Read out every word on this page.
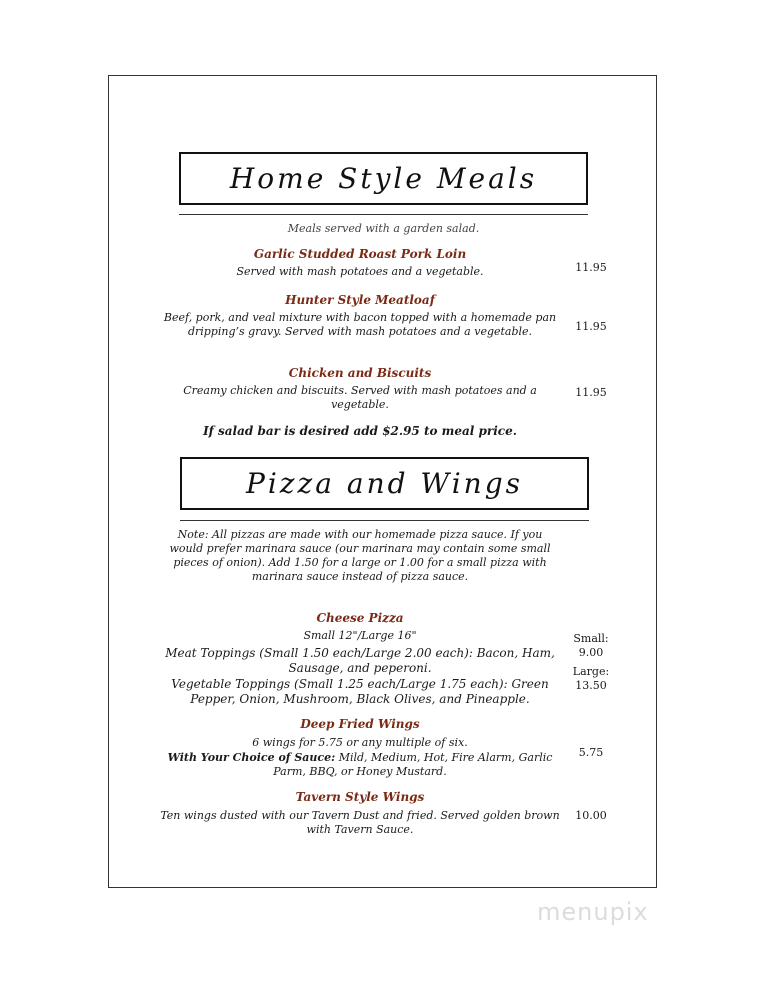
Home Style Meals
Meals served with a garden salad.
Garlic Studded Roast Pork Loin
Served with mash potatoes and a vegetable.	11.95
Hunter Style Meatloaf
Beef, pork, and veal mixture with bacon topped with a homemade pan dripping’s gravy. Served with mash potatoes and a vegetable.	11.95
Chicken and Biscuits
Creamy chicken and biscuits. Served with mash potatoes and a vegetable.
11.95
If salad bar is desired add $2.95 to meal price.
Pizza and Wings
Note: All pizzas are made with our homemade pizza sauce. If you would prefer marinara sauce (our marinara may contain some small pieces of onion). Add 1.50 for a large or 1.00 for a small pizza with marinara sauce instead of pizza sauce.
Cheese Pizza
Small 12"/Large 16"
Meat Toppings (Small 1.50 each/Large 2.00 each): Bacon, Ham, Sausage, and peperoni.
Vegetable Toppings (Small 1.25 each/Large 1.75 each): Green Pepper, Onion, Mushroom, Black Olives, and Pineapple.
Small:
9.00
Large:
13.50
Deep Fried Wings
6 wings for 5.75 or any multiple of six.
With Your Choice of Sauce: Mild, Medium, Hot, Fire Alarm, Garlic Parm, BBQ, or Honey Mustard.
5.75
Tavern Style Wings
Ten wings dusted with our Tavern Dust and fried. Served golden brown with Tavern Sauce.
10.00
menupix
